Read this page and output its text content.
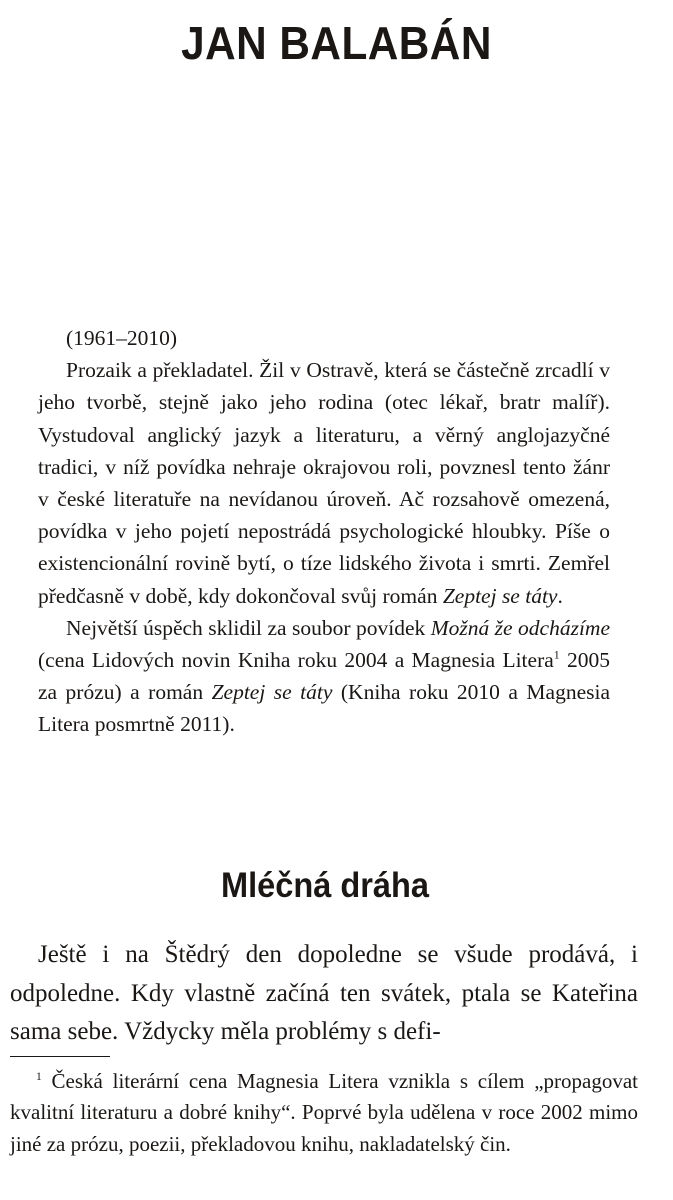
JAN BALABÁN

(1961–2010)

Prozaik a překladatel. Žil v Ostravě, která se částečně zrcadlí v jeho tvorbě, stejně jako jeho rodina (otec lékař, bratr malíř). Vystudoval anglický jazyk a literaturu, a věrný anglojazyčné tradici, v níž povídka nehraje okrajovou roli, povznesl tento žánr v české literatuře na nevídanou úroveň. Ač rozsahově omezená, povídka v jeho pojetí nepostrádá psychologické hloubky. Píše o existencionální rovině bytí, o tíze lidského života i smrti. Zemřel předčasně v době, kdy dokončoval svůj román Zeptej se táty.

Největší úspěch sklidil za soubor povídek Možná že odcházíme (cena Lidových novin Kniha roku 2004 a Magnesia Litera$^1$ 2005 za prózu) a román Zeptej se táty (Kniha roku 2010 a Magnesia Litera posmrtně 2011).

Mléčná dráha

Ještě i na Štědrý den dopoledne se všude prodává, i odpoledne. Kdy vlastně začíná ten svátek, ptala se Kateřina sama sebe. Vždycky měla problémy s defi-

$^1$ Česká literární cena Magnesia Litera vznikla s cílem „propagovat kvalitní literaturu a dobré knihy“. Poprvé byla udělena v roce 2002 mimo jiné za prózu, poezii, překladovou knihu, nakladatelský čin.
